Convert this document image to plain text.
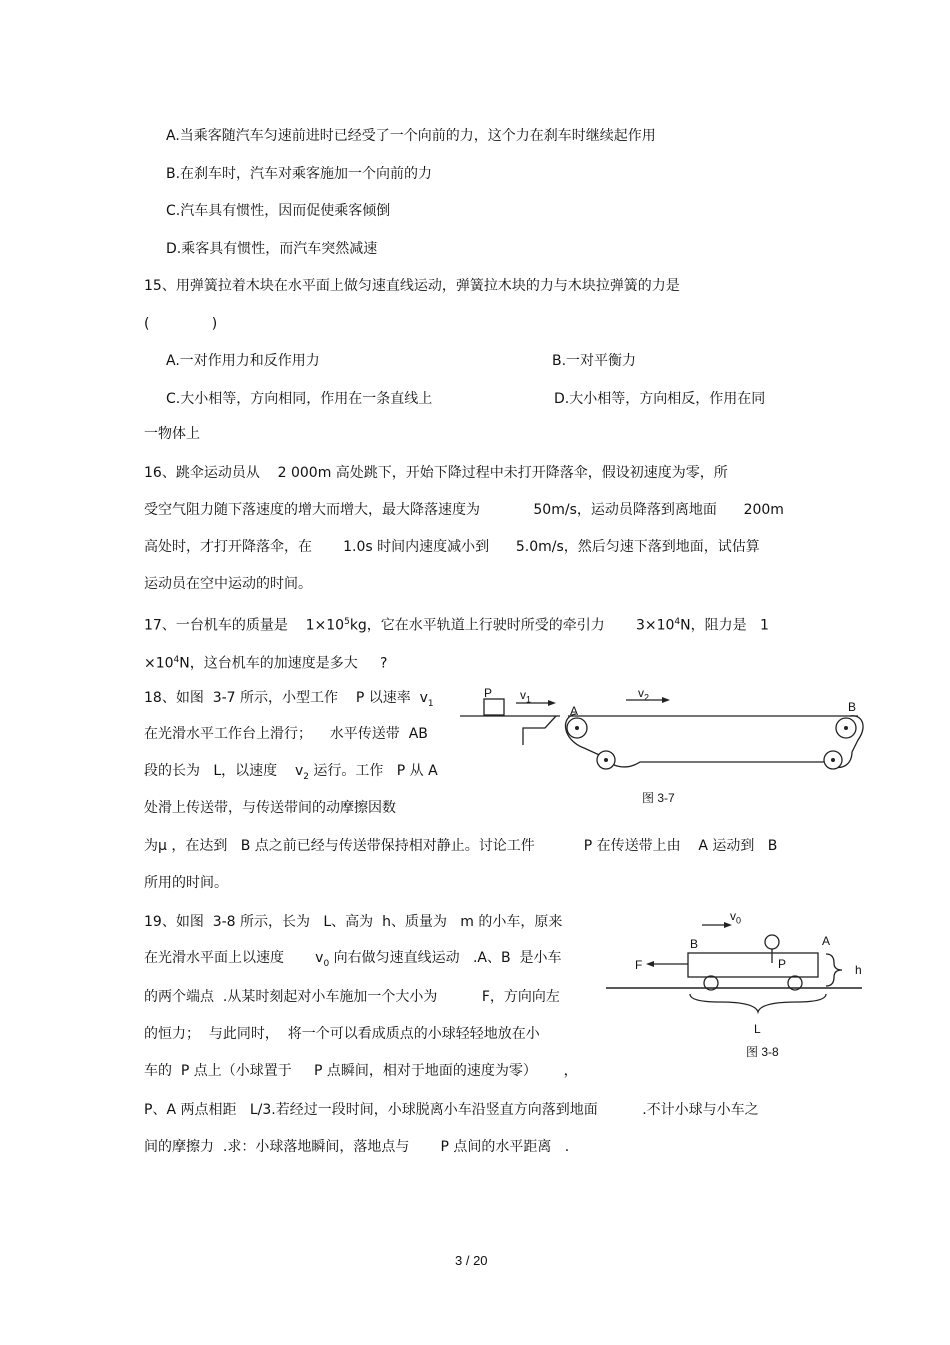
A.当乘客随汽车匀速前进时已经受了一个向前的力，这个力在刹车时继续起作用
B.在刹车时，汽车对乘客施加一个向前的力
C.汽车具有惯性，因而促使乘客倾倒
D.乘客具有惯性，而汽车突然减速
15、用弹簧拉着木块在水平面上做匀速直线运动，弹簧拉木块的力与木块拉弹簧的力是
(              )
A.一对作用力和反作用力	B.一对平衡力
C.大小相等，方向相同，作用在一条直线上	D.大小相等，方向相反，作用在同
一物体上
16、跳伞运动员从    2 000m 高处跳下，开始下降过程中未打开降落伞，假设初速度为零，所
受空气阻力随下落速度的增大而增大，最大降落速度为            50m/s，运动员降落到离地面      200m
高处时，才打开降落伞，在       1.0s 时间内速度减小到      5.0m/s，然后匀速下落到地面，试估算
运动员在空中运动的时间。
17、一台机车的质量是    $1\times 10^5kg$，它在水平轨道上行驶时所受的牵引力       $3\times 10^4N$，阻力是   1
$\times 10^4N$，这台机车的加速度是多大     ?
18、如图  3-7 所示，小型工作    P 以速率  $v_1$
在光滑水平工作台上滑行；    水平传送带  AB
段的长为   L，以速度    $v_2$ 运行。工作   P 从 A
处滑上传送带，与传送带间的动摩擦因数
为μ ，在达到   B 点之前已经与传送带保持相对静止。讨论工件           P 在传送带上由    A 运动到   B
所用的时间。
P $v_1$	$v_2$
A	B
图 3-7
19、如图  3-8 所示，长为   L、高为  h、质量为   m 的小车，原来
在光滑水平面上以速度       $v_0$ 向右做匀速直线运动   .A、B  是小车
的两个端点  .从某时刻起对小车施加一个大小为          F，方向向左
的恒力；  与此同时，  将一个可以看成质点的小球轻轻地放在小
车的  P 点上（小球置于     P 点瞬间，相对于地面的速度为零）      ，
P、A 两点相距   L/3.若经过一段时间，小球脱离小车沿竖直方向落到地面          .不计小球与小车之
间的摩擦力  .求：小球落地瞬间，落地点与       P 点间的水平距离   .
$v_0$
B	A
F	P	h
L
图 3-8
3 / 20
